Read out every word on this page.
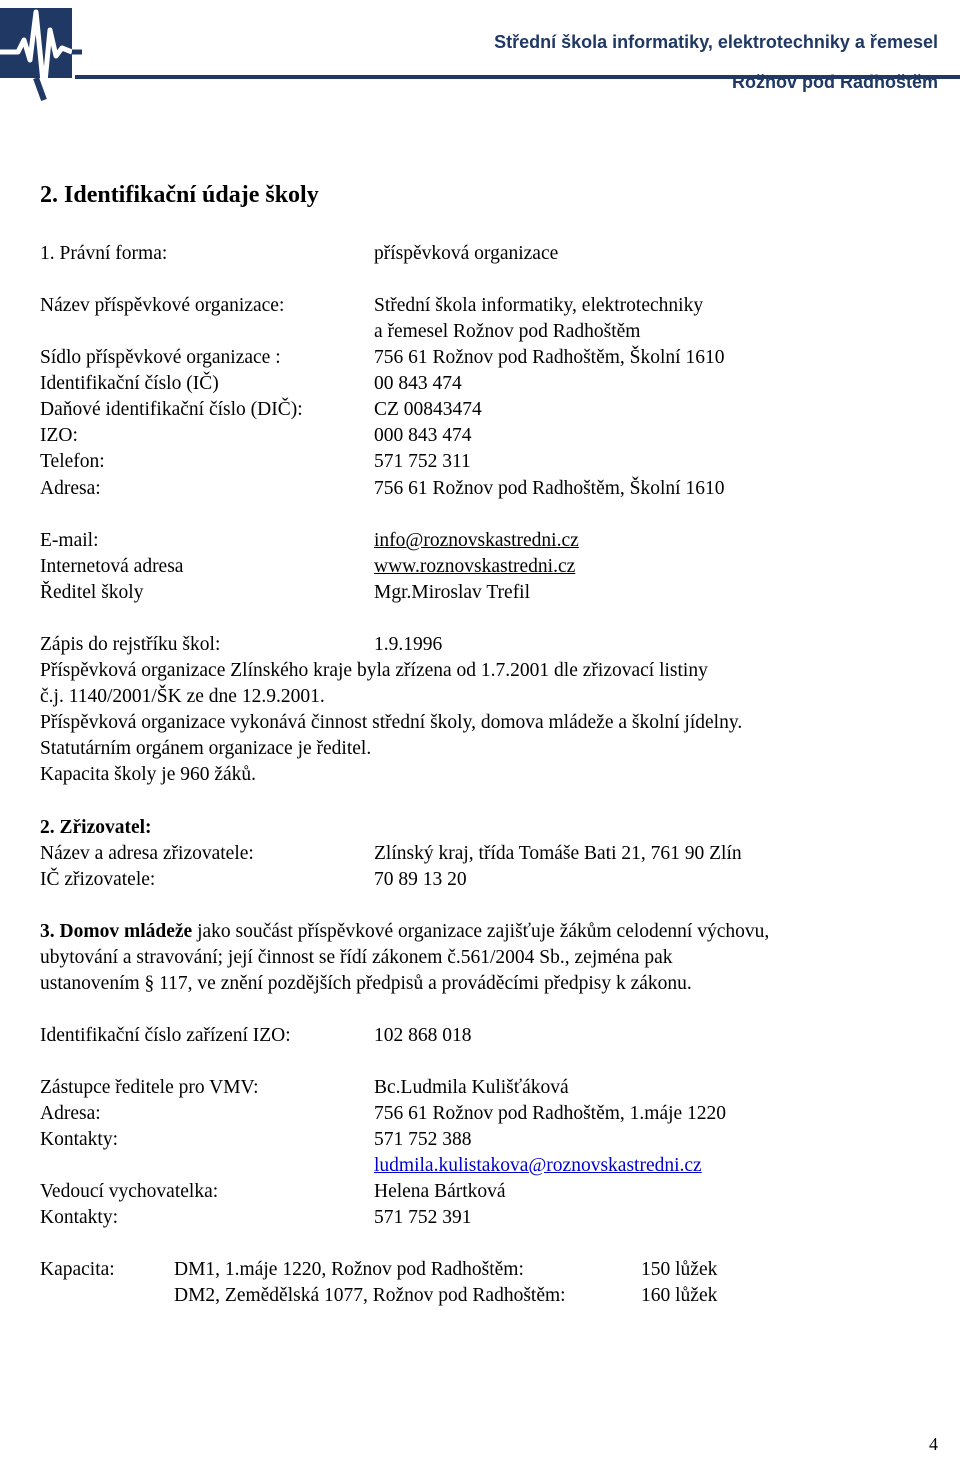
Střední škola informatiky, elektrotechniky a řemesel
Rožnov pod Radhoštěm
2. Identifikační údaje školy
1. Právní forma:	příspěvková organizace
Název příspěvkové organizace:	Střední škola informatiky, elektrotechniky
a řemesel Rožnov pod Radhoštěm
Sídlo příspěvkové organizace :	756 61 Rožnov pod Radhoštěm, Školní 1610
Identifikační číslo (IČ)	00 843 474
Daňové identifikační číslo (DIČ):	CZ 00843474
IZO:	000 843 474
Telefon:	571 752 311
Adresa:	756 61 Rožnov pod Radhoštěm, Školní 1610
E-mail:	info@roznovskastredni.cz
Internetová adresa	www.roznovskastredni.cz
Ředitel školy	Mgr.Miroslav Trefil
Zápis do rejstříku škol:	1.9.1996
Příspěvková organizace Zlínského kraje byla zřízena od 1.7.2001 dle zřizovací listiny
č.j. 1140/2001/ŠK ze dne 12.9.2001.
Příspěvková organizace vykonává činnost střední školy, domova mládeže a školní jídelny.
Statutárním orgánem organizace je ředitel.
Kapacita školy je 960 žáků.
2. Zřizovatel:
Název a adresa zřizovatele:	Zlínský kraj, třída Tomáše Bati 21, 761 90 Zlín
IČ zřizovatele:	70 89 13 20
3. Domov mládeže jako součást příspěvkové organizace zajišťuje žákům celodenní výchovu,
ubytování a stravování; její činnost se řídí zákonem č.561/2004 Sb., zejména pak
ustanovením § 117, ve znění pozdějších předpisů a prováděcími předpisy k zákonu.
Identifikační číslo zařízení IZO:	102 868 018
Zástupce ředitele pro VMV:	Bc.Ludmila Kulišťáková
Adresa:	756 61 Rožnov pod Radhoštěm, 1.máje 1220
Kontakty:	571 752 388
ludmila.kulistakova@roznovskastredni.cz
Vedoucí vychovatelka:	Helena Bártková
Kontakty:	571 752 391
Kapacita:	DM1, 1.máje 1220, Rožnov pod Radhoštěm:	150 lůžek
DM2, Zemědělská 1077, Rožnov pod Radhoštěm:	160 lůžek
4
